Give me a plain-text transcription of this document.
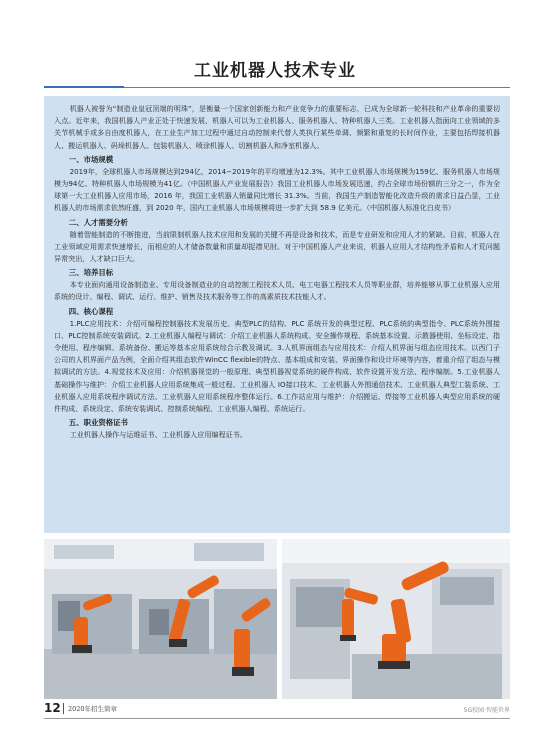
工业机器人技术专业

机器人被誉为“制造业皇冠顶端的明珠”，是衡量一个国家创新能力和产业竞争力的重要标志，已成为全球新一轮科技和产业革命的重要切入点。近年来，我国机器人产业正处于快速发展，机器人可以为工业机器人、服务机器人、特种机器人三类。工业机器人指面向工业领域的多关节机械手或多自由度机器人，在工业生产加工过程中通过自动控制来代替人类执行某些单调、频繁和重复的长时间作业，主要包括焊接机器人、搬运机器人、码垛机器人、包装机器人、喷涂机器人、切割机器人和净室机器人。

一、市场规模

2019年，全球机器人市场规模达到294亿，2014−2019年的平均增速为12.3%。其中工业机器人市场规模为159亿、服务机器人市场规模为94亿、特种机器人市场规模为41亿。（中国机器人产业发展报告）我国工业机器人市场发展迅速，约占全球市场份额的三分之一，作为全球第一大工业机器人应用市场，2016 年，我国工业机器人销量同比增长 31.3%。当前，我国生产制造智能化改造升级的需求日益凸显，工业机器人的市场需求依然旺盛，到 2020 年，国内工业机器人市场规模将进一步扩大到 58.9 亿美元。（中国机器人标准化白皮书）

二、人才需要分析

随着智能制造的不断推进，当前限制机器人技术应用和发展的关键不再是设备和技术，而是专业研发和应用人才的紧缺。目前，机器人在工业领域应用需求快速增长，而相应的人才储备数量和质量却捉襟见肘。对于中国机器人产业来说，机器人应用人才结构性矛盾和人才荒问题异常突出，人才缺口巨大。

三、培养目标

本专业面向通用设备制造业、专用设备制造业的自动控制工程技术人员、电工电器工程技术人员等职业群，培养能够从事工业机器人应用系统的设计、编程、调试、运行、维护、销售及技术服务等工作的高素质技术技能人才。

四、核心课程

1.PLC应用技术：介绍可编程控制器技术发展历史、典型PLC的结构、PLC 系统开发的典型过程、PLC系统的典型指令、PLC系统外围接口、PLC控制系统安装调试。2.工业机器人编程与调试：介绍工业机器人系统构成、安全操作规程、系统基本设置、示教器使用、坐标设定、指令使用、程序编辑、系统备份、搬运等基本应用系统综合示教及调试。3.人机界面组态与应用技术：介绍人机界面与组态应用技术。以西门子公司的人机界面产品为例，全面介绍其组态软件WinCC flexible的特点、基本组成和安装、界面操作和设计环境等内容，着重介绍了组态与模拟调试的方法。4.视觉技术及应用：介绍机器视觉的一般原理、典型机器视觉系统的硬件构成、软件设置开发方法、程序编制。5.工业机器人基础操作与维护：介绍工业机器人应用系统集成一般过程、工业机器人 IO接口技术、工业机器人外围通信技术、工业机器人典型工装系统、工业机器人应用系统程序调试方法、工业机器人应用系统程序整体运行。6.工作站应用与维护：介绍搬运、焊接等工业机器人典型应用系统的硬件构成、系统设定、系统安装调试、控制系统编程、工业机器人编程、系统运行。

五、职业资格证书

工业机器人操作与运维证书、工业机器人应用编程证书。

12 2020年招生简章	5G校园·智能世界
